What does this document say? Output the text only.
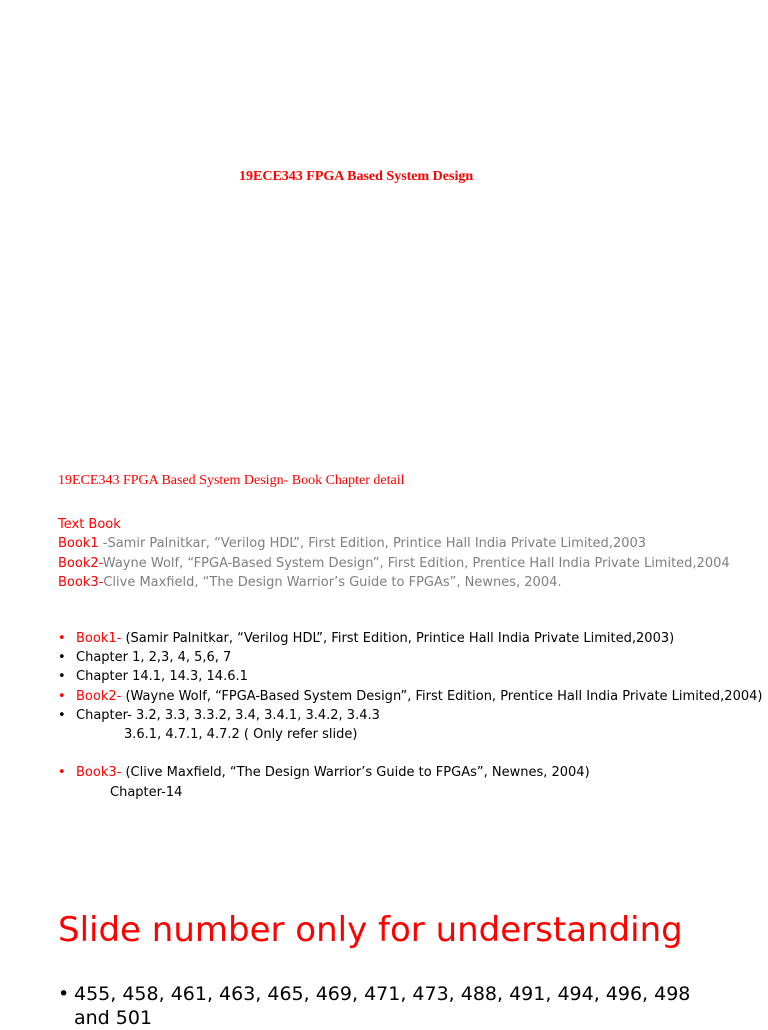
19ECE343 FPGA Based System Design
19ECE343 FPGA Based System Design- Book Chapter detail
Text Book
Book1 -Samir Palnitkar, “Verilog HDL”, First Edition, Printice Hall India Private Limited,2003
Book2-Wayne Wolf, “FPGA-Based System Design”, First Edition, Prentice Hall India Private Limited,2004
Book3-Clive Maxfield, “The Design Warrior’s Guide to FPGAs”, Newnes, 2004.
• Book1- (Samir Palnitkar, “Verilog HDL”, First Edition, Printice Hall India Private Limited,2003)
• Chapter 1, 2,3, 4, 5,6, 7
• Chapter 14.1, 14.3, 14.6.1
• Book2- (Wayne Wolf, “FPGA-Based System Design”, First Edition, Prentice Hall India Private Limited,2004)
• Chapter- 3.2, 3.3, 3.3.2, 3.4, 3.4.1, 3.4.2, 3.4.3
3.6.1, 4.7.1, 4.7.2 ( Only refer slide)
• Book3- (Clive Maxfield, “The Design Warrior’s Guide to FPGAs”, Newnes, 2004)
Chapter-14
Slide number only for understanding
• 455, 458, 461, 463, 465, 469, 471, 473, 488, 491, 494, 496, 498 and 501
